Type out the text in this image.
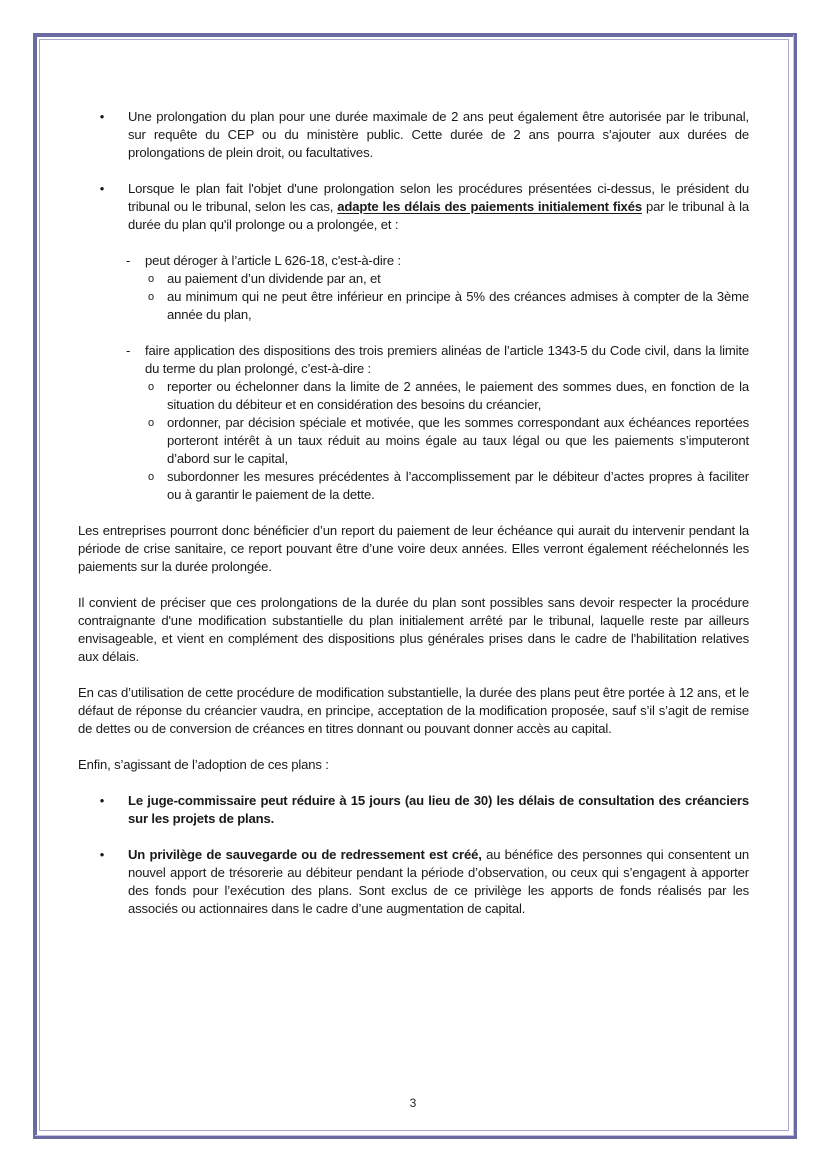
• Une prolongation du plan pour une durée maximale de 2 ans peut également être autorisée par le tribunal, sur requête du CEP ou du ministère public. Cette durée de 2 ans pourra s’ajouter aux durées de prolongations de plein droit, ou facultatives.

• Lorsque le plan fait l'objet d'une prolongation selon les procédures présentées ci-dessus, le président du tribunal ou le tribunal, selon les cas, adapte les délais des paiements initialement fixés par le tribunal à la durée du plan qu'il prolonge ou a prolongée, et :

- peut déroger à l’article L 626-18, c'est-à-dire :

o au paiement d’un dividende par an, et

o au minimum qui ne peut être inférieur en principe à 5% des créances admises à compter de la 3ème année du plan,

- faire application des dispositions des trois premiers alinéas de l’article 1343-5 du Code civil, dans la limite du terme du plan prolongé, c’est-à-dire :

o reporter ou échelonner dans la limite de 2 années, le paiement des sommes dues, en fonction de la situation du débiteur et en considération des besoins du créancier,

o ordonner, par décision spéciale et motivée, que les sommes correspondant aux échéances reportées porteront intérêt à un taux réduit au moins égale au taux légal ou que les paiements s’imputeront d’abord sur le capital,

o subordonner les mesures précédentes à l’accomplissement par le débiteur d’actes propres à faciliter ou à garantir le paiement de la dette.

Les entreprises pourront donc bénéficier d’un report du paiement de leur échéance qui aurait du intervenir pendant la période de crise sanitaire, ce report pouvant être d’une voire deux années. Elles verront également rééchelonnés les paiements sur la durée prolongée.

Il convient de préciser que ces prolongations de la durée du plan sont possibles sans devoir respecter la procédure contraignante d'une modification substantielle du plan initialement arrêté par le tribunal, laquelle reste par ailleurs envisageable, et vient en complément des dispositions plus générales prises dans le cadre de l'habilitation relatives aux délais.

En cas d’utilisation de cette procédure de modification substantielle, la durée des plans peut être portée à 12 ans, et le défaut de réponse du créancier vaudra, en principe, acceptation de la modification proposée, sauf s’il s’agit de remise de dettes ou de conversion de créances en titres donnant ou pouvant donner accès au capital.

Enfin, s’agissant de l’adoption de ces plans :

• Le juge-commissaire peut réduire à 15 jours (au lieu de 30) les délais de consultation des créanciers sur les projets de plans.

• Un privilège de sauvegarde ou de redressement est créé, au bénéfice des personnes qui consentent un nouvel apport de trésorerie au débiteur pendant la période d’observation, ou ceux qui s’engagent à apporter des fonds pour l’exécution des plans. Sont exclus de ce privilège les apports de fonds réalisés par les associés ou actionnaires dans le cadre d’une augmentation de capital.

3
